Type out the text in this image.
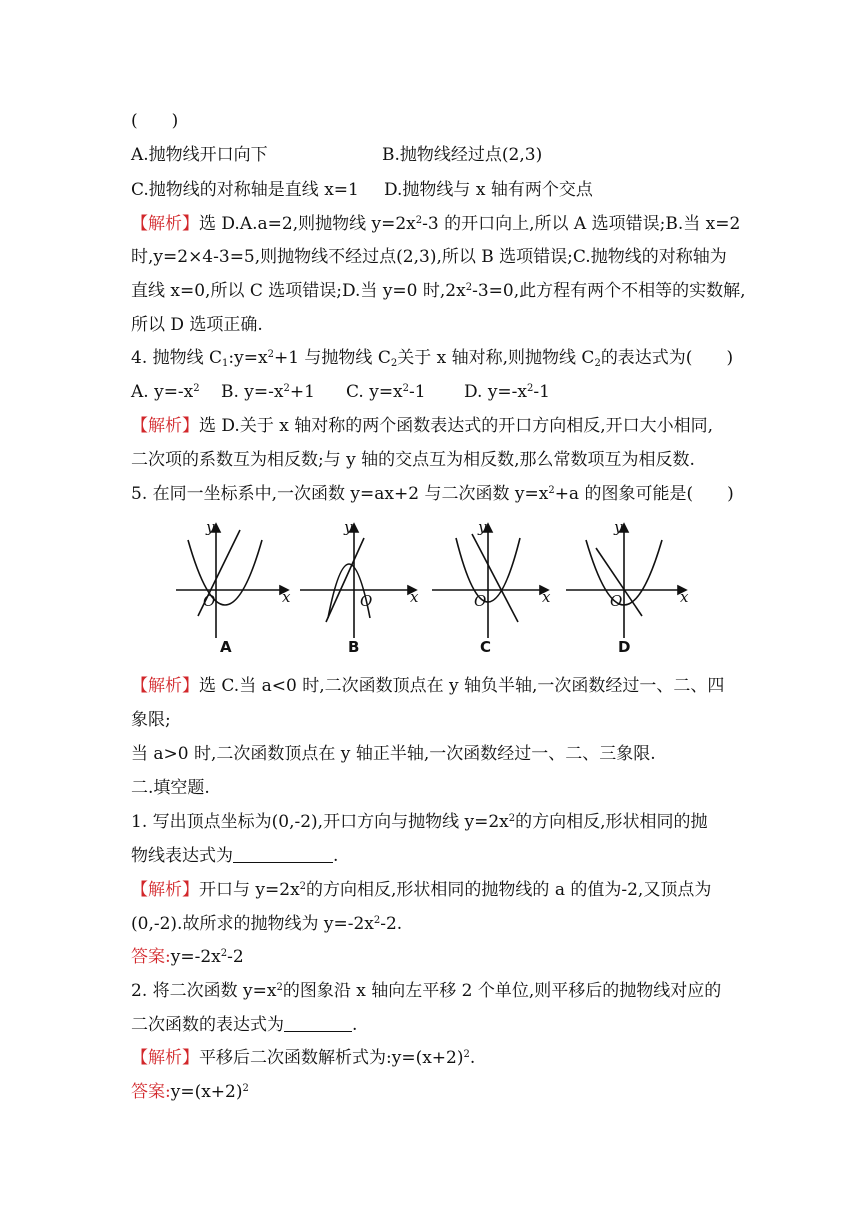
(　　)
A.抛物线开口向下	B.抛物线经过点(2,3)
C.抛物线的对称轴是直线 x=1 D.抛物线与 x 轴有两个交点
【解析】选 D.A.a=2,则抛物线 $y=2x^2-3$ 的开口向上,所以 A 选项错误;B.当 x=2
时,y=2×4-3=5,则抛物线不经过点(2,3),所以 B 选项错误;C.抛物线的对称轴为
直线 x=0,所以 C 选项错误;D.当 y=0 时$,2x^2-3=0$,此方程有两个不相等的实数解,
所以 D 选项正确.
4. 抛物线 $C_1:y=x^2+1$ 与抛物线 $C_2$关于 x 轴对称,则抛物线 $C_2$的表达式为(　　)
A. $y=-x^2$ B. $y=-x^2+1$ C. $y=x^2-1$ D. $y=-x^2-1$
【解析】选 D.关于 x 轴对称的两个函数表达式的开口方向相反,开口大小相同,
二次项的系数互为相反数;与 y 轴的交点互为相反数,那么常数项互为相反数.
5. 在同一坐标系中,一次函数 y=ax+2 与二次函数 $y=x^2+a$ 的图象可能是(　　)
y
x
O
A
y
x
O
B
y
x
O
C
y
x
O
D
【解析】选 C.当 a<0 时,二次函数顶点在 y 轴负半轴,一次函数经过一、二、四
象限;
当 a>0 时,二次函数顶点在 y 轴正半轴,一次函数经过一、二、三象限.
二.填空题.
1. 写出顶点坐标为(0,-2),开口方向与抛物线 $y=2x^2$的方向相反,形状相同的抛
物线表达式为	.
【解析】开口与 $y=2x^2$的方向相反,形状相同的抛物线的 a 的值为-2,又顶点为
(0,-2).故所求的抛物线为 $y=-2x^2-2$.
答案$:y=-2x^2-2$
2. 将二次函数 $y=x^2$的图象沿 x 轴向左平移 2 个单位,则平移后的抛物线对应的
二次函数的表达式为	.
【解析】平移后二次函数解析式为$:y=(x+2)^2$.
答案$:y=(x+2)^2$
